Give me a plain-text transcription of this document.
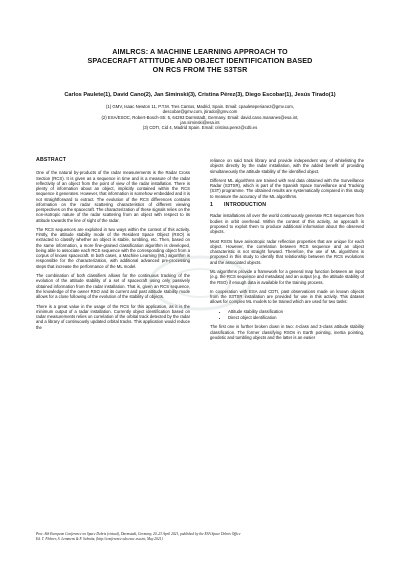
AIMLRCS: A MACHINE LEARNING APPROACH TO
SPACECRAFT ATTITUDE AND OBJECT IDENTIFICATION BASED
ON RCS FROM THE S3TSR
Carlos Paulete(1), David Cano(2), Jan Siminski(3), Cristina Pérez(3), Diego Escobar(1), Jesús Tirado(1)
(1) GMV, Isaac Newton 11, P.T.M. Tres Cantos, Madrid, Spain. Email: cpauleteperianez@gmv.com,
descobar@gmv.com, jtirado@gmv.com
(2) ESA/ESOC, Robert-Bosch-Str. 5, 64293 Darmstadt, Germany. Email: david.cano.mananes@esa.int,
jan.siminski@esa.int
(3) CDTI, Cid 4, Madrid Spain. Email: cristina.perez@cdti.es
ABSTRACT

One of the natural by-products of the radar measurements is the Radar Cross Section (RCS). It is given as a sequence in time and is a measure of the radar reflectivity of an object from the point of view of the radar installation. There is plenty of information about an object, implicitly contained within the RCS sequence it generates. However, that information is somehow embedded and it is not straightforward to extract. The evolution of the RCS differences contains information on the radar scattering characteristics of different viewing perspectives on the spacecraft. The characterization of these signals relies on the non-isotropic nature of the radar scattering from an object with respect to its attitude towards the line of sight of the radar.

The RCS sequences are exploited in two ways within the context of this activity. Firstly, the attitude stability mode of the Resident Space Object (RSO) is extracted to classify whether an object is stable, tumbling, etc. Then, based on the same information, a more fine-grained classification algorithm is developed, being able to associate each RCS sequence with the corresponding object from a corpus of known spacecraft. In both cases, a Machine Learning (ML) algorithm is responsible for the characterization, with additional advanced pre-processing steps that increase the performance of the ML model.

The combination of both classifiers allows for the continuous tracking of the evolution of the attitude stability of a set of spacecraft using only passively obtained information from the radar installation. That is, given an RCS sequence, the knowledge of the owner RSO and its current and past attitude stability mode allows for a close following of the evolution of the stability of objects.

There is a great value in the usage of the RCS for this application, as it is the minimum output of a radar installation. Currently object identification based on radar measurements relies on correlation of the orbital track detected by the radar and a library of continuously updated orbital tracks. This application would reduce the

reliance on said track library and provide independent way of whitelisting the objects directly by the radar installation, with the added benefit of providing simultaneously the attitude stability of the identified object.

Different ML algorithms are trained with real data obtained with the Surveillance Radar (S3TSR), which is part of the Spanish Space Surveillance and Tracking (S3T) programme. The obtained results are systematically compared in this study to measure the accuracy of the ML algorithms.

1 INTRODUCTION

Radar installations all over the world continuously generate RCS sequences from bodies in orbit overhead. Within the context of this activity, an approach is proposed to exploit them to produce additional information about the observed objects.

Most RSOs have anisotropic radar reflection properties that are unique for each object. However, the correlation between RCS sequence and an object characteristic is not straight forward. Therefore, the use of ML algorithms is proposed in this study to identify that relationship between the RCS evolutions and the associated objects.

ML algorithms provide a framework for a general map function between an input (e.g. the RCS sequence and metadata) and an output (e.g. the attitude stability of the RSO) if enough data is available for the training process.

In cooperation with ESA and CDTI, past observations made on known objects from the S3TSR installation are provided for use in this activity. This dataset allows for complex ML models to be trained which are used for two tasks:

• Attitude stability classification
• Direct object identification

The first one is further broken down in two: 4-class and 3-class attitude stability classification. The former classifying RSOs in Earth pointing, inertia pointing, geodetic and tumbling objects and the latter is an easier

Proc. 8th European Conference on Space Debris (virtual), Darmstadt, Germany, 20–23 April 2021, published by the ESA Space Debris Office
Ed. T. Flohrer, S. Lemmens & F. Schmitz, (http://conference.sdo.esoc.esa.int, May 2021)
